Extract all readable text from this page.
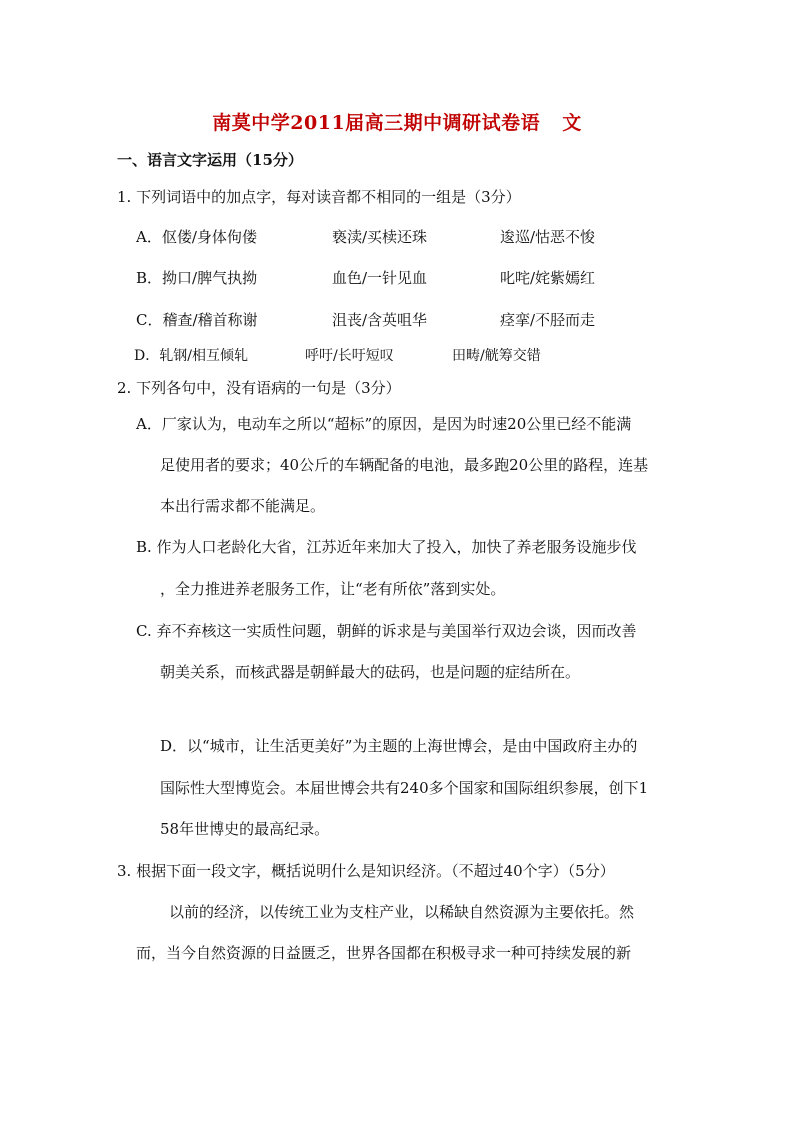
南莫中学2011届高三期中调研试卷语 文
一、语言文字运用（15分）
1. 下列词语中的加点字，每对读音都不相同的一组是（3分）
A．伛偻/身体佝偻	亵渎/买椟还珠	逡巡/怙恶不悛
B．拗口/脾气执拗	血色/一针见血	叱咤/姹紫嫣红
C．稽查/稽首称谢	沮丧/含英咀华	痉挛/不胫而走
D．轧钢/相互倾轧	呼吁/长吁短叹	田畴/觥筹交错
2. 下列各句中，没有语病的一句是（3分）
A．厂家认为，电动车之所以“超标”的原因，是因为时速20公里已经不能满
足使用者的要求；40公斤的车辆配备的电池，最多跑20公里的路程，连基
本出行需求都不能满足。
B. 作为人口老龄化大省，江苏近年来加大了投入，加快了养老服务设施步伐
，全力推进养老服务工作，让“老有所依”落到实处。
C. 弃不弃核这一实质性问题，朝鲜的诉求是与美国举行双边会谈，因而改善
朝美关系，而核武器是朝鲜最大的砝码，也是问题的症结所在。
D．以“城市，让生活更美好”为主题的上海世博会，是由中国政府主办的
国际性大型博览会。本届世博会共有240多个国家和国际组织参展，创下1
58年世博史的最高纪录。
3. 根据下面一段文字，概括说明什么是知识经济。（不超过40个字）（5分）
以前的经济，以传统工业为支柱产业，以稀缺自然资源为主要依托。然
而，当今自然资源的日益匮乏，世界各国都在积极寻求一种可持续发展的新
